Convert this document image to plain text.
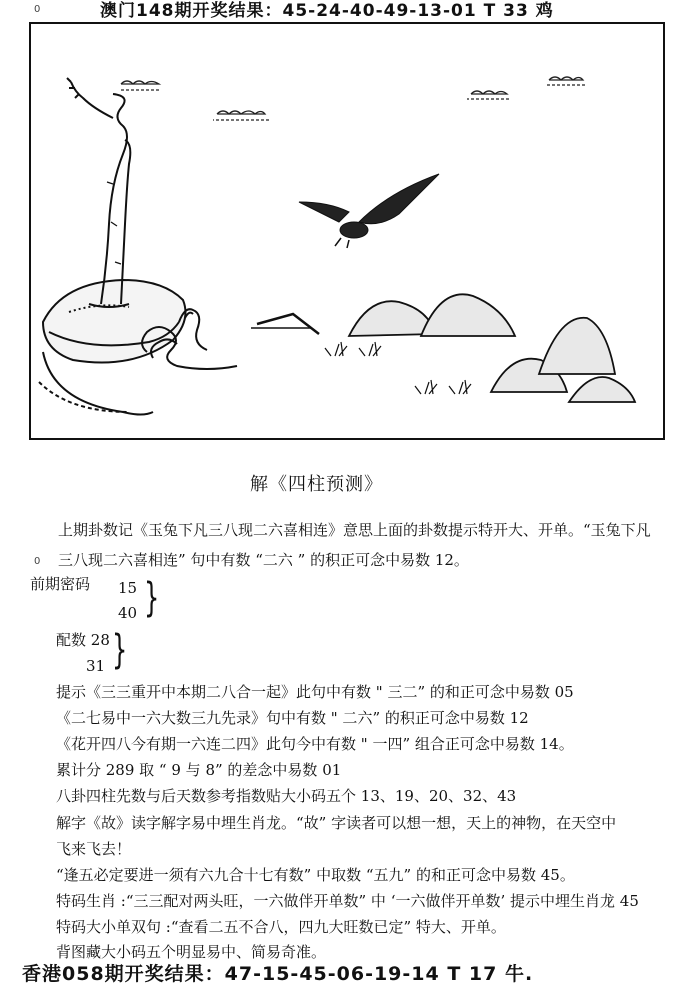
0	澳门148期开奖结果：45-24-40-49-13-01 T 33 鸡
解《四柱预测》
上期卦数记《玉兔下凡三八现二六喜相连》意思上面的卦数提示特开大、开单。“玉兔下凡
0 三八现二六喜相连” 句中有数 “二六 ” 的积正可念中易数 12。
前期密码 15
40 }
配数 28
31 }
提示《三三重开中本期二八合一起》此句中有数 " 三二” 的和正可念中易数 05
《二七易中一六大数三九先录》句中有数 " 二六” 的积正可念中易数 12
《花开四八今有期一六连二四》此句今中有数 " 一四” 组合正可念中易数 14。
累计分 289 取 “ 9 与 8” 的差念中易数 01
八卦四柱先数与后天数参考指数贴大小码五个 13、19、20、32、43
解字《故》读字解字易中埋生肖龙。“故” 字读者可以想一想，天上的神物，在天空中
飞来飞去！
“逢五必定要进一须有六九合十七有数” 中取数 “五九” 的和正可念中易数 45。
特码生肖 :“三三配对两头旺，一六做伴开单数” 中 ‘一六做伴开单数’ 提示中埋生肖龙 45
特码大小单双句 :“查看二五不合八，四九大旺数已定” 特大、开单。
背图藏大小码五个明显易中、简易奇准。
香港058期开奖结果：47-15-45-06-19-14 T 17 牛.
